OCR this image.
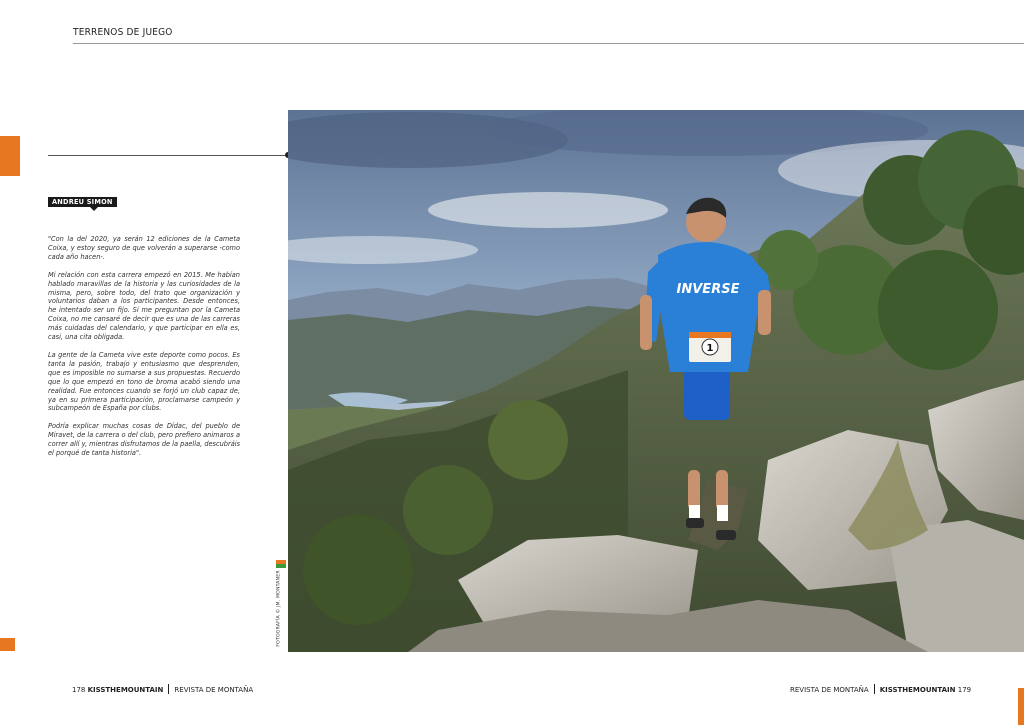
TERRENOS DE JUEGO
ANDREU SIMON

"Con la del 2020, ya serán 12 ediciones de la Cameta Coixa, y estoy seguro de que volverán a superarse -como cada año hacen-.

Mi relación con esta carrera empezó en 2015. Me habían hablado maravillas de la historia y las curiosidades de la misma, pero, sobre todo, del trato que organización y voluntarios daban a los participantes. Desde entonces, he intentado ser un fijo. Si me preguntan por la Cameta Coixa, no me cansaré de decir que es una de las carreras más cuidadas del calendario, y que participar en ella es, casi, una cita obligada.

La gente de la Cameta vive este deporte como pocos. Es tanta la pasión, trabajo y entusiasmo que desprenden, que es imposible no sumarse a sus propuestas. Recuerdo que lo que empezó en tono de broma acabó siendo una realidad. Fue entonces cuando se forjó un club capaz de, ya en su primera participación, proclamarse campeón y subcampeón de España por clubs.

Podría explicar muchas cosas de Dídac, del pueblo de Miravet, de la carrera o del club, pero prefiero animaros a correr allí y, mientras disfrutamos de la paella, descubráis el porqué de tanta historia".

FOTOGRAFÍA © JM. MONTANER
INVERSE
1
178 KISSTHEMOUNTAIN REVISTA DE MONTAÑA	REVISTA DE MONTAÑA KISSTHEMOUNTAIN 179
